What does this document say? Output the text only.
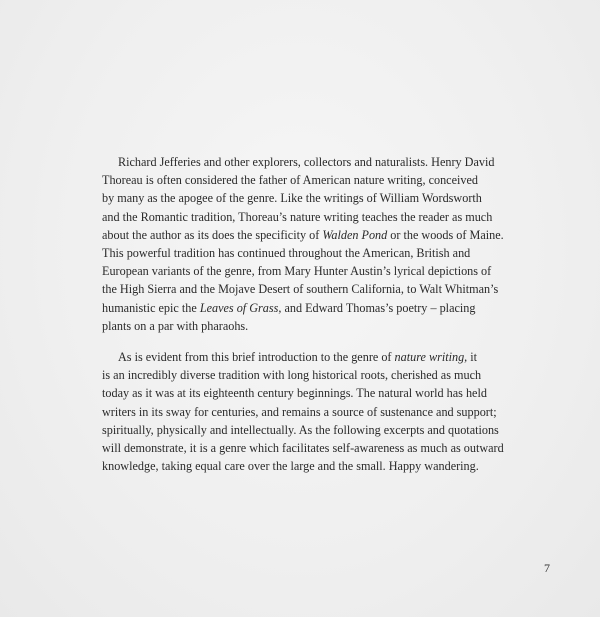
Richard Jefferies and other explorers, collectors and naturalists. Henry David
Thoreau is often considered the father of American nature writing, conceived
by many as the apogee of the genre. Like the writings of William Wordsworth
and the Romantic tradition, Thoreau’s nature writing teaches the reader as much
about the author as its does the specificity of Walden Pond or the woods of Maine.
This powerful tradition has continued throughout the American, British and
European variants of the genre, from Mary Hunter Austin’s lyrical depictions of
the High Sierra and the Mojave Desert of southern California, to Walt Whitman’s
humanistic epic the Leaves of Grass, and Edward Thomas’s poetry – placing
plants on a par with pharaohs.

As is evident from this brief introduction to the genre of nature writing, it
is an incredibly diverse tradition with long historical roots, cherished as much
today as it was at its eighteenth century beginnings. The natural world has held
writers in its sway for centuries, and remains a source of sustenance and support;
spiritually, physically and intellectually. As the following excerpts and quotations
will demonstrate, it is a genre which facilitates self-awareness as much as outward
knowledge, taking equal care over the large and the small. Happy wandering.

7
